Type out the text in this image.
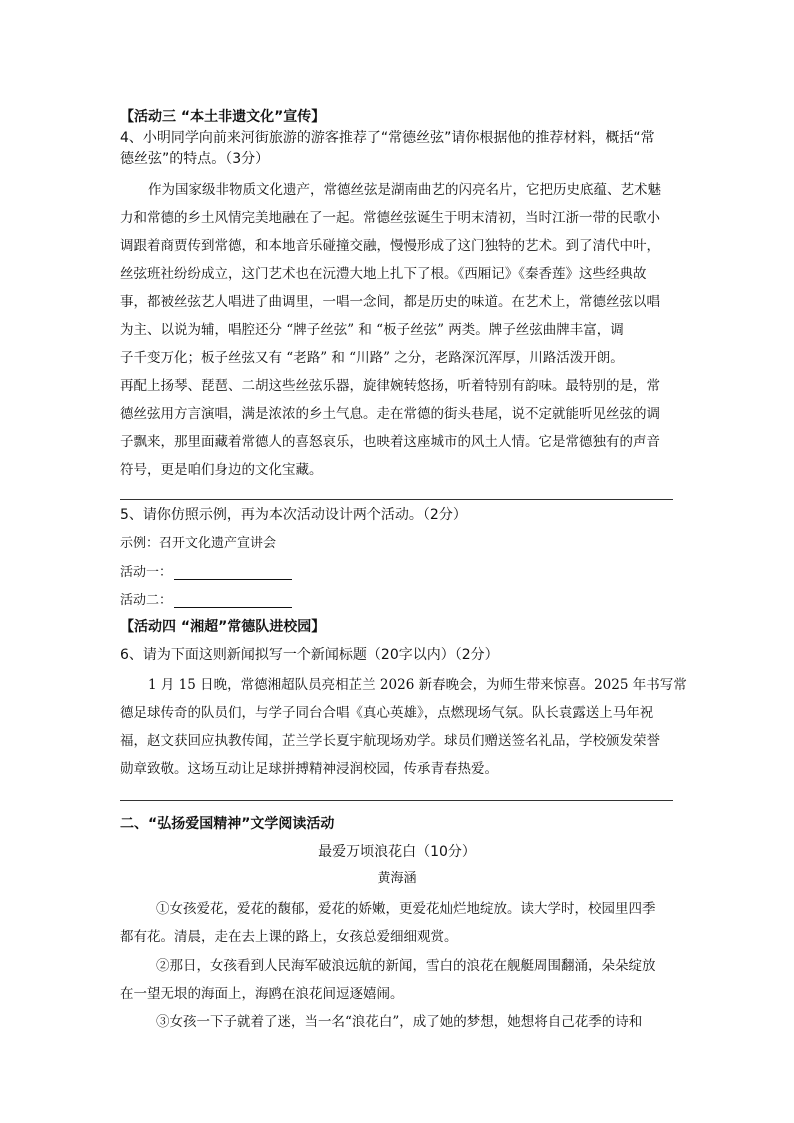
【活动三 “本土非遗文化”宣传】
4、小明同学向前来河街旅游的游客推荐了“常德丝弦”请你根据他的推荐材料，概括“常
德丝弦”的特点。（3分）

作为国家级非物质文化遗产，常德丝弦是湖南曲艺的闪亮名片，它把历史底蕴、艺术魅

力和常德的乡土风情完美地融在了一起。常德丝弦诞生于明末清初，当时江浙一带的民歌小

调跟着商贾传到常德，和本地音乐碰撞交融，慢慢形成了这门独特的艺术。到了清代中叶，

丝弦班社纷纷成立，这门艺术也在沅澧大地上扎下了根。《西厢记》《秦香莲》这些经典故

事，都被丝弦艺人唱进了曲调里，一唱一念间，都是历史的味道。在艺术上，常德丝弦以唱

为主、以说为辅，唱腔还分 “牌子丝弦” 和 “板子丝弦” 两类。牌子丝弦曲牌丰富，调

子千变万化；板子丝弦又有 “老路” 和 “川路” 之分，老路深沉浑厚，川路活泼开朗。

再配上扬琴、琵琶、二胡这些丝弦乐器，旋律婉转悠扬，听着特别有韵味。最特别的是，常

德丝弦用方言演唱，满是浓浓的乡土气息。走在常德的街头巷尾，说不定就能听见丝弦的调

子飘来，那里面藏着常德人的喜怒哀乐，也映着这座城市的风土人情。它是常德独有的声音

符号，更是咱们身边的文化宝藏。

5、请你仿照示例，再为本次活动设计两个活动。（2分）
示例：召开文化遗产宣讲会
活动一：
活动二：
【活动四 “湘超”常德队进校园】
6、请为下面这则新闻拟写一个新闻标题（20字以内）（2分）

1 月 15 日晚，常德湘超队员亮相芷兰 2026 新春晚会，为师生带来惊喜。2025 年书写常

德足球传奇的队员们，与学子同台合唱《真心英雄》，点燃现场气氛。队长袁露送上马年祝

福，赵文获回应执教传闻，芷兰学长夏宇航现场劝学。球员们赠送签名礼品，学校颁发荣誉

勋章致敬。这场互动让足球拼搏精神浸润校园，传承青春热爱。

二、“弘扬爱国精神”文学阅读活动
最爱万顷浪花白（10分）
黄海涵

①女孩爱花，爱花的馥郁，爱花的娇嫩，更爱花灿烂地绽放。读大学时，校园里四季

都有花。清晨，走在去上课的路上，女孩总爱细细观赏。

②那日，女孩看到人民海军破浪远航的新闻，雪白的浪花在舰艇周围翻涌，朵朵绽放

在一望无垠的海面上，海鸥在浪花间逗逐嬉闹。

③女孩一下子就着了迷，当一名“浪花白”，成了她的梦想，她想将自己花季的诗和
